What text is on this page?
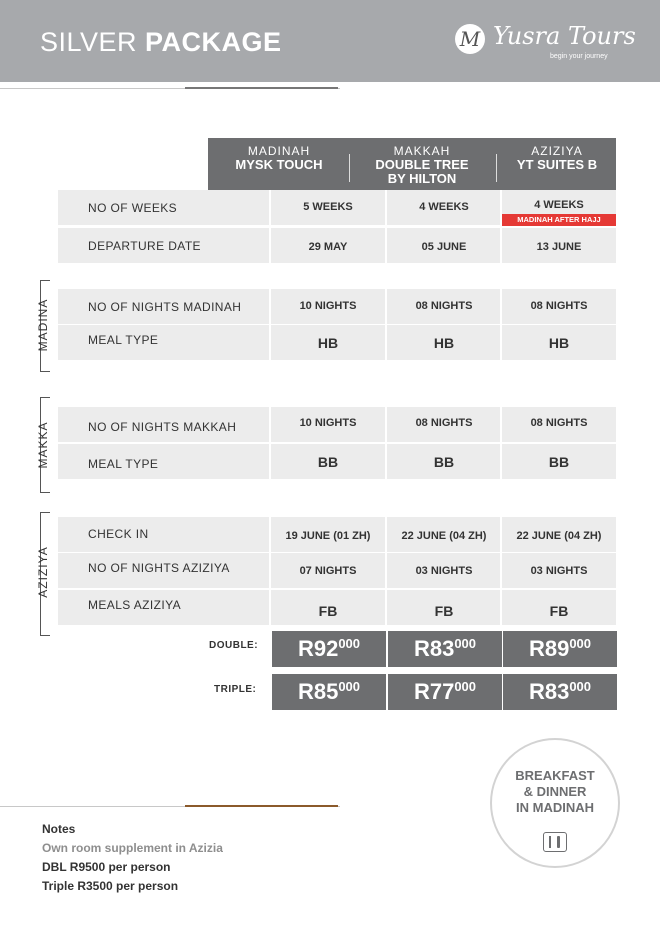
SILVER PACKAGE	M Yusra Tours
begin your journey
MADINAH
MYSK TOUCH
MAKKAH
DOUBLE TREE BY HILTON
AZIZIYA
YT SUITES B
NO OF WEEKS	5 WEEKS	4 WEEKS	4 WEEKS
MADINAH AFTER HAJJ
DEPARTURE DATE	29 MAY	05 JUNE	13 JUNE
MADINA	NO OF NIGHTS MADINAH	10 NIGHTS	08 NIGHTS	08 NIGHTS
MEAL TYPE	HB	HB	HB
MAKKA	NO OF NIGHTS MAKKAH	10 NIGHTS	08 NIGHTS	08 NIGHTS
MEAL TYPE	BB	BB	BB
AZIZIYA
CHECK IN	19 JUNE (01 ZH)	22 JUNE (04 ZH)	22 JUNE (04 ZH)
NO OF NIGHTS AZIZIYA	07 NIGHTS	03 NIGHTS	03 NIGHTS
MEALS AZIZIYA	FB	FB	FB
DOUBLE:	$R92^{000}$	$R83^{000}$	$R89^{000}$
TRIPLE:	$R85^{000}$	$R77^{000}$	$R83^{000}$
BREAKFAST
& DINNER
IN MADINAH
Notes
Own room supplement in Azizia
DBL R9500 per person
Triple R3500 per person
